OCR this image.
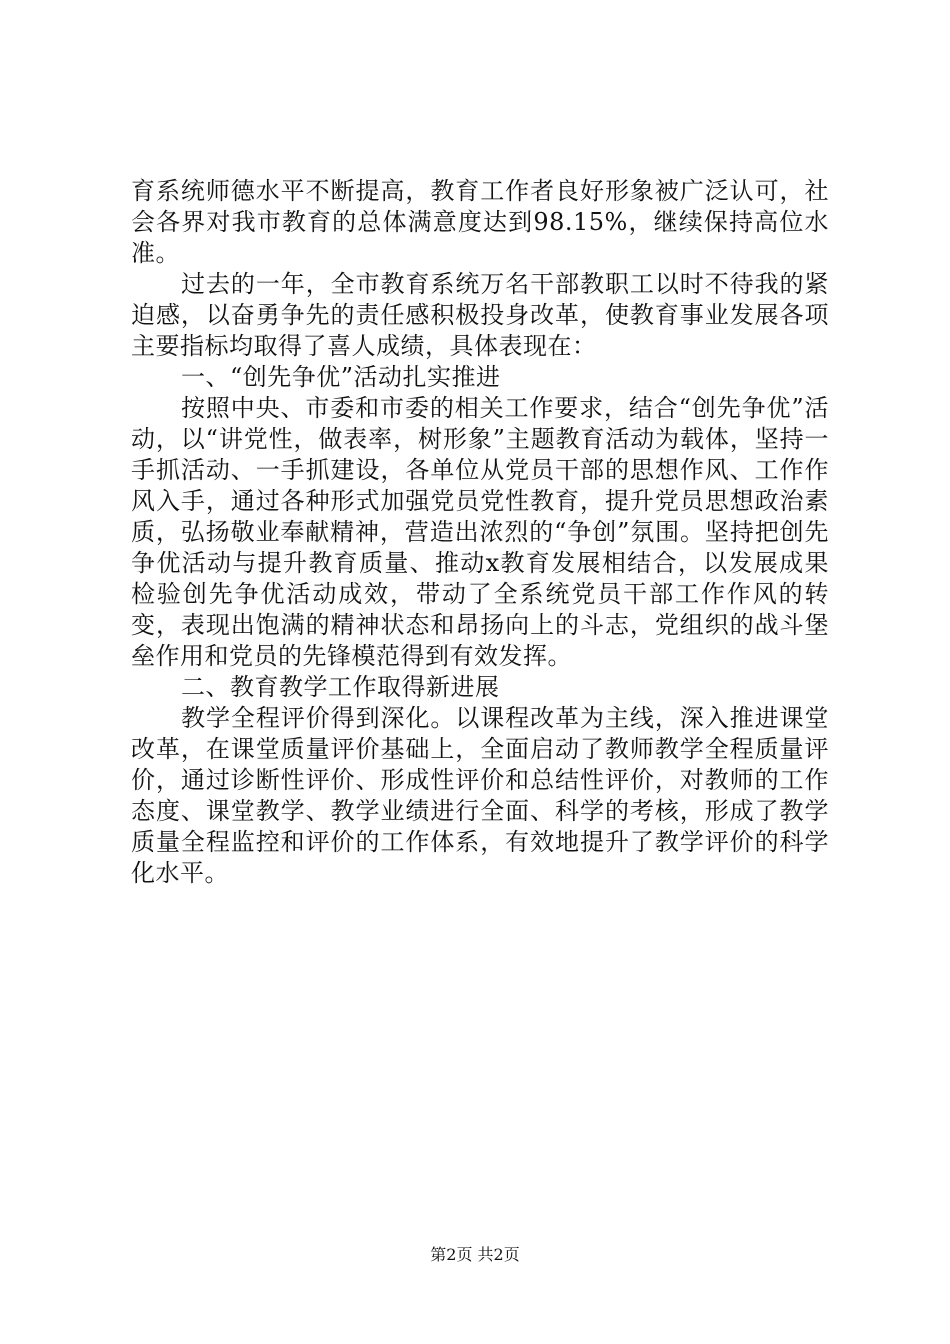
育系统师德水平不断提高，教育工作者良好形象被广泛认可，社会各界对我市教育的总体满意度达到98.15%，继续保持高位水准。

过去的一年，全市教育系统万名干部教职工以时不待我的紧迫感，以奋勇争先的责任感积极投身改革，使教育事业发展各项主要指标均取得了喜人成绩，具体表现在：

一、“创先争优”活动扎实推进

按照中央、市委和市委的相关工作要求，结合“创先争优”活动，以“讲党性，做表率，树形象”主题教育活动为载体，坚持一手抓活动、一手抓建设，各单位从党员干部的思想作风、工作作风入手，通过各种形式加强党员党性教育，提升党员思想政治素质，弘扬敬业奉献精神，营造出浓烈的“争创”氛围。坚持把创先争优活动与提升教育质量、推动x教育发展相结合，以发展成果检验创先争优活动成效，带动了全系统党员干部工作作风的转变，表现出饱满的精神状态和昂扬向上的斗志，党组织的战斗堡垒作用和党员的先锋模范得到有效发挥。

二、教育教学工作取得新进展

教学全程评价得到深化。以课程改革为主线，深入推进课堂改革，在课堂质量评价基础上，全面启动了教师教学全程质量评价，通过诊断性评价、形成性评价和总结性评价，对教师的工作态度、课堂教学、教学业绩进行全面、科学的考核，形成了教学质量全程监控和评价的工作体系，有效地提升了教学评价的科学化水平。

第2页 共2页
